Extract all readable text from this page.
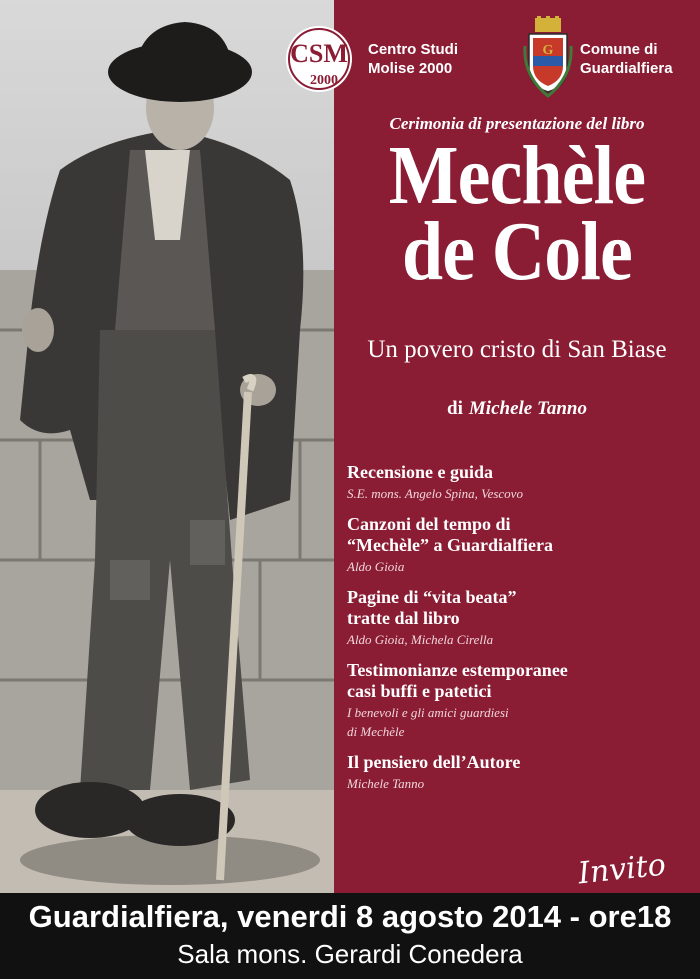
CSM
2000
Centro Studi
Molise 2000
G Comune di
Guardialfiera
Cerimonia di presentazione del libro
Mechèle
de Cole
Un povero cristo di San Biase
di Michele Tanno
Recensione e guida
S.E. mons. Angelo Spina, Vescovo
Canzoni del tempo di
“Mechèle” a Guardialfiera
Aldo Gioia
Pagine di “vita beata”
tratte dal libro
Aldo Gioia, Michela Cirella
Testimonianze estemporanee
casi buffi e patetici
I benevoli e gli amici guardiesi
di Mechèle
Il pensiero dell’Autore
Michele Tanno
Invito
Guardialfiera, venerdi 8 agosto 2014 - ore18
Sala mons. Gerardi Conedera
